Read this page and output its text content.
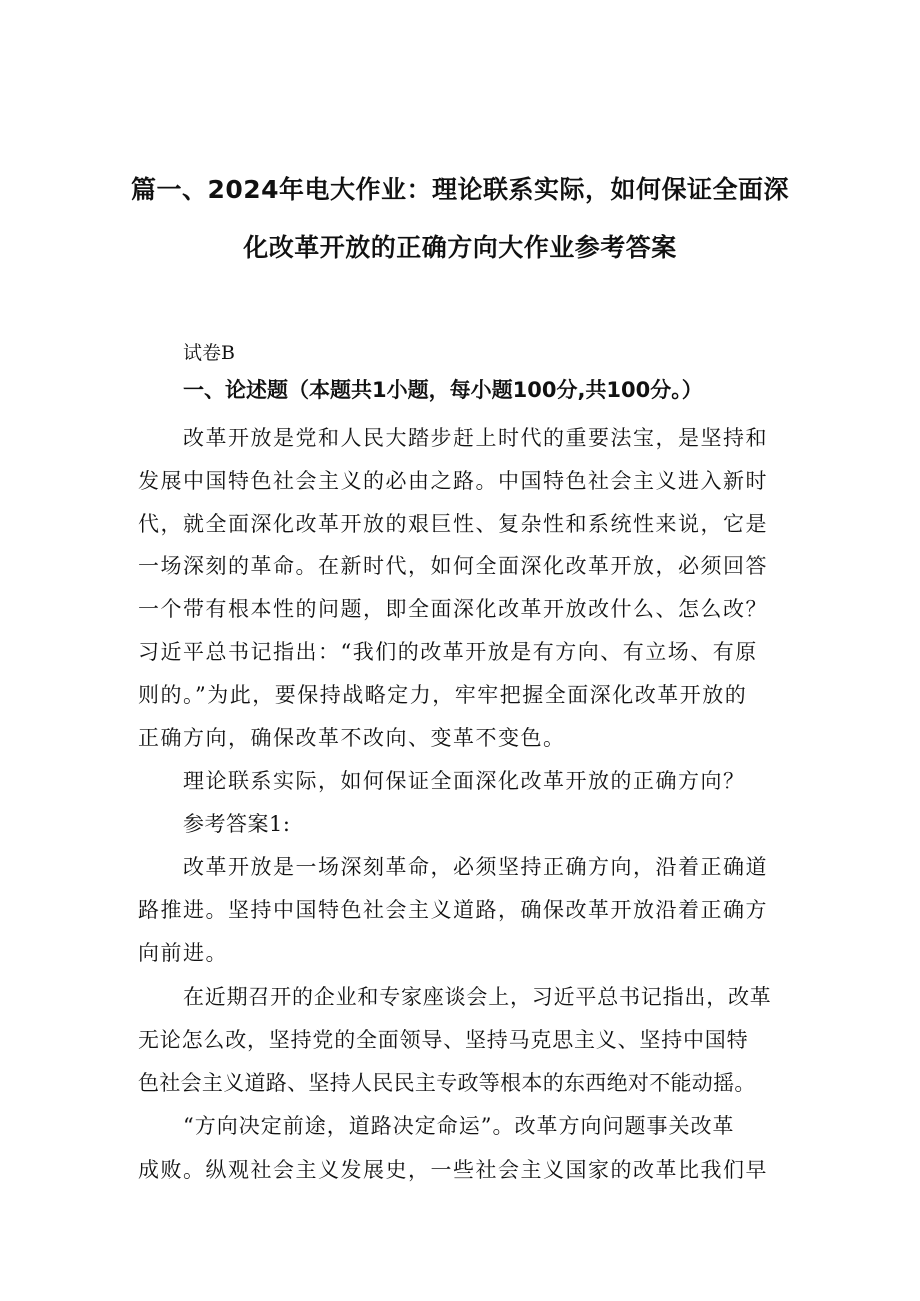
篇一、2024年电大作业：理论联系实际，如何保证全面深
化改革开放的正确方向大作业参考答案
试卷B
一、论述题（本题共1小题，每小题100分,共100分。）
改革开放是党和人民大踏步赶上时代的重要法宝，是坚持和
发展中国特色社会主义的必由之路。中国特色社会主义进入新时
代，就全面深化改革开放的艰巨性、复杂性和系统性来说，它是
一场深刻的革命。在新时代，如何全面深化改革开放，必须回答
一个带有根本性的问题，即全面深化改革开放改什么、怎么改？
习近平总书记指出：“我们的改革开放是有方向、有立场、有原
则的。”为此，要保持战略定力，牢牢把握全面深化改革开放的
正确方向，确保改革不改向、变革不变色。
理论联系实际，如何保证全面深化改革开放的正确方向？
参考答案1:
改革开放是一场深刻革命，必须坚持正确方向，沿着正确道
路推进。坚持中国特色社会主义道路，确保改革开放沿着正确方
向前进。
在近期召开的企业和专家座谈会上，习近平总书记指出，改革
无论怎么改，坚持党的全面领导、坚持马克思主义、坚持中国特
色社会主义道路、坚持人民民主专政等根本的东西绝对不能动摇。
“方向决定前途，道路决定命运”。改革方向问题事关改革
成败。纵观社会主义发展史，一些社会主义国家的改革比我们早
